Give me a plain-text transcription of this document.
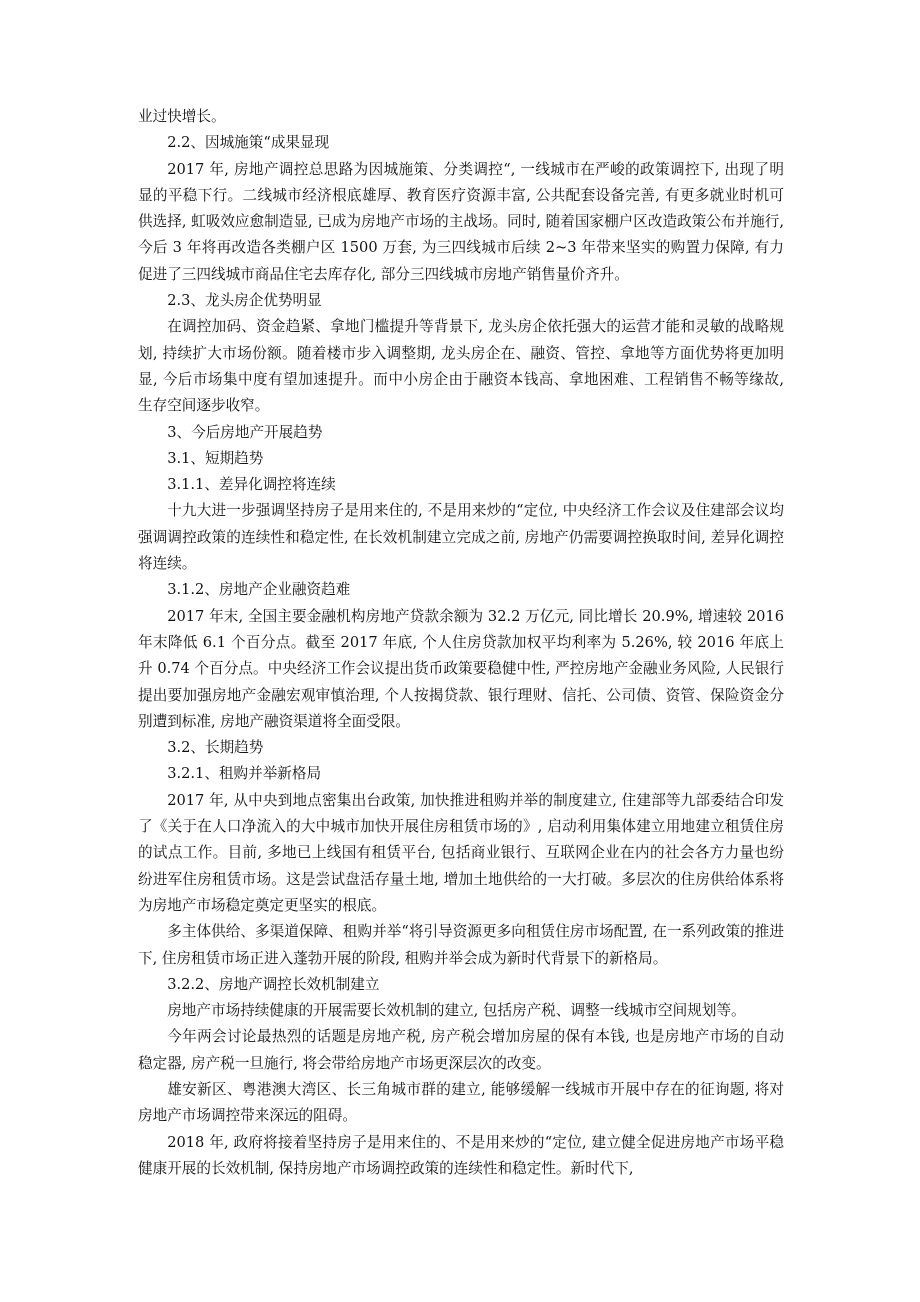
业过快增长。

2.2、因城施策“成果显现

2017 年, 房地产调控总思路为因城施策、分类调控“, 一线城市在严峻的政策调控下, 出现了明显的平稳下行。二线城市经济根底雄厚、教育医疗资源丰富, 公共配套设备完善, 有更多就业时机可供选择, 虹吸效应愈制造显, 已成为房地产市场的主战场。同时, 随着国家棚户区改造政策公布并施行, 今后 3 年将再改造各类棚户区 1500 万套, 为三四线城市后续 2~3 年带来坚实的购置力保障, 有力促进了三四线城市商品住宅去库存化, 部分三四线城市房地产销售量价齐升。

2.3、龙头房企优势明显

在调控加码、资金趋紧、拿地门槛提升等背景下, 龙头房企依托强大的运营才能和灵敏的战略规划, 持续扩大市场份额。随着楼市步入调整期, 龙头房企在、融资、管控、拿地等方面优势将更加明显, 今后市场集中度有望加速提升。而中小房企由于融资本钱高、拿地困难、工程销售不畅等缘故, 生存空间逐步收窄。

3、今后房地产开展趋势

3.1、短期趋势

3.1.1、差异化调控将连续

十九大进一步强调坚持房子是用来住的, 不是用来炒的“定位, 中央经济工作会议及住建部会议均强调调控政策的连续性和稳定性, 在长效机制建立完成之前, 房地产仍需要调控换取时间, 差异化调控将连续。

3.1.2、房地产企业融资趋难

2017 年末, 全国主要金融机构房地产贷款余额为 32.2 万亿元, 同比增长 20.9%, 增速较 2016 年末降低 6.1 个百分点。截至 2017 年底, 个人住房贷款加权平均利率为 5.26%, 较 2016 年底上升 0.74 个百分点。中央经济工作会议提出货币政策要稳健中性, 严控房地产金融业务风险, 人民银行提出要加强房地产金融宏观审慎治理, 个人按揭贷款、银行理财、信托、公司债、资管、保险资金分别遭到标准, 房地产融资渠道将全面受限。

3.2、长期趋势

3.2.1、租购并举新格局

2017 年, 从中央到地点密集出台政策, 加快推进租购并举的制度建立, 住建部等九部委结合印发了《关于在人口净流入的大中城市加快开展住房租赁市场的》, 启动利用集体建立用地建立租赁住房的试点工作。目前, 多地已上线国有租赁平台, 包括商业银行、互联网企业在内的社会各方力量也纷纷进军住房租赁市场。这是尝试盘活存量土地, 增加土地供给的一大打破。多层次的住房供给体系将为房地产市场稳定奠定更坚实的根底。

多主体供给、多渠道保障、租购并举“将引导资源更多向租赁住房市场配置, 在一系列政策的推进下, 住房租赁市场正进入蓬勃开展的阶段, 租购并举会成为新时代背景下的新格局。

3.2.2、房地产调控长效机制建立

房地产市场持续健康的开展需要长效机制的建立, 包括房产税、调整一线城市空间规划等。

今年两会讨论最热烈的话题是房地产税, 房产税会增加房屋的保有本钱, 也是房地产市场的自动稳定器, 房产税一旦施行, 将会带给房地产市场更深层次的改变。

雄安新区、粤港澳大湾区、长三角城市群的建立, 能够缓解一线城市开展中存在的征询题, 将对房地产市场调控带来深远的阻碍。

2018 年, 政府将接着坚持房子是用来住的、不是用来炒的“定位, 建立健全促进房地产市场平稳健康开展的长效机制, 保持房地产市场调控政策的连续性和稳定性。新时代下,
